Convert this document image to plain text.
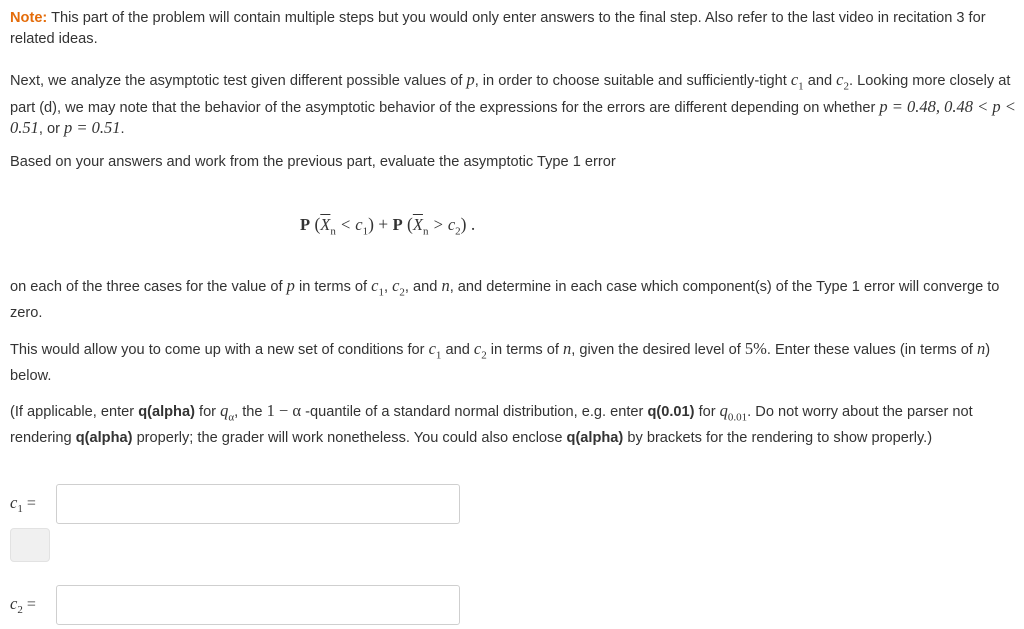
Note: This part of the problem will contain multiple steps but you would only enter answers to the final step. Also refer to the last video in recitation 3 for related ideas.

Next, we analyze the asymptotic test given different possible values of p, in order to choose suitable and sufficiently-tight $c_1$ and $c_2$. Looking more closely at part (d), we may note that the behavior of the asymptotic behavior of the expressions for the errors are different depending on whether p = 0.48, 0.48 < p < 0.51, or p = 0.51.

Based on your answers and work from the previous part, evaluate the asymptotic Type 1 error

P $(\overline{X}_n < c_1) + P$ $(\overline{X}_n > c_2)$ .

on each of the three cases for the value of p in terms of $c_1$, $c_2$, and n, and determine in each case which component(s) of the Type 1 error will converge to zero.

This would allow you to come up with a new set of conditions for $c_1$ and $c_2$ in terms of n, given the desired level of 5%. Enter these values (in terms of n) below.

(If applicable, enter q(alpha) for $q_\alpha$, the 1 − α -quantile of a standard normal distribution, e.g. enter q(0.01) for $q_{0.01}$. Do not worry about the parser not rendering q(alpha) properly; the grader will work nonetheless. You could also enclose q(alpha) by brackets for the rendering to show properly.)

$c_1$ =
$c_2$ =
